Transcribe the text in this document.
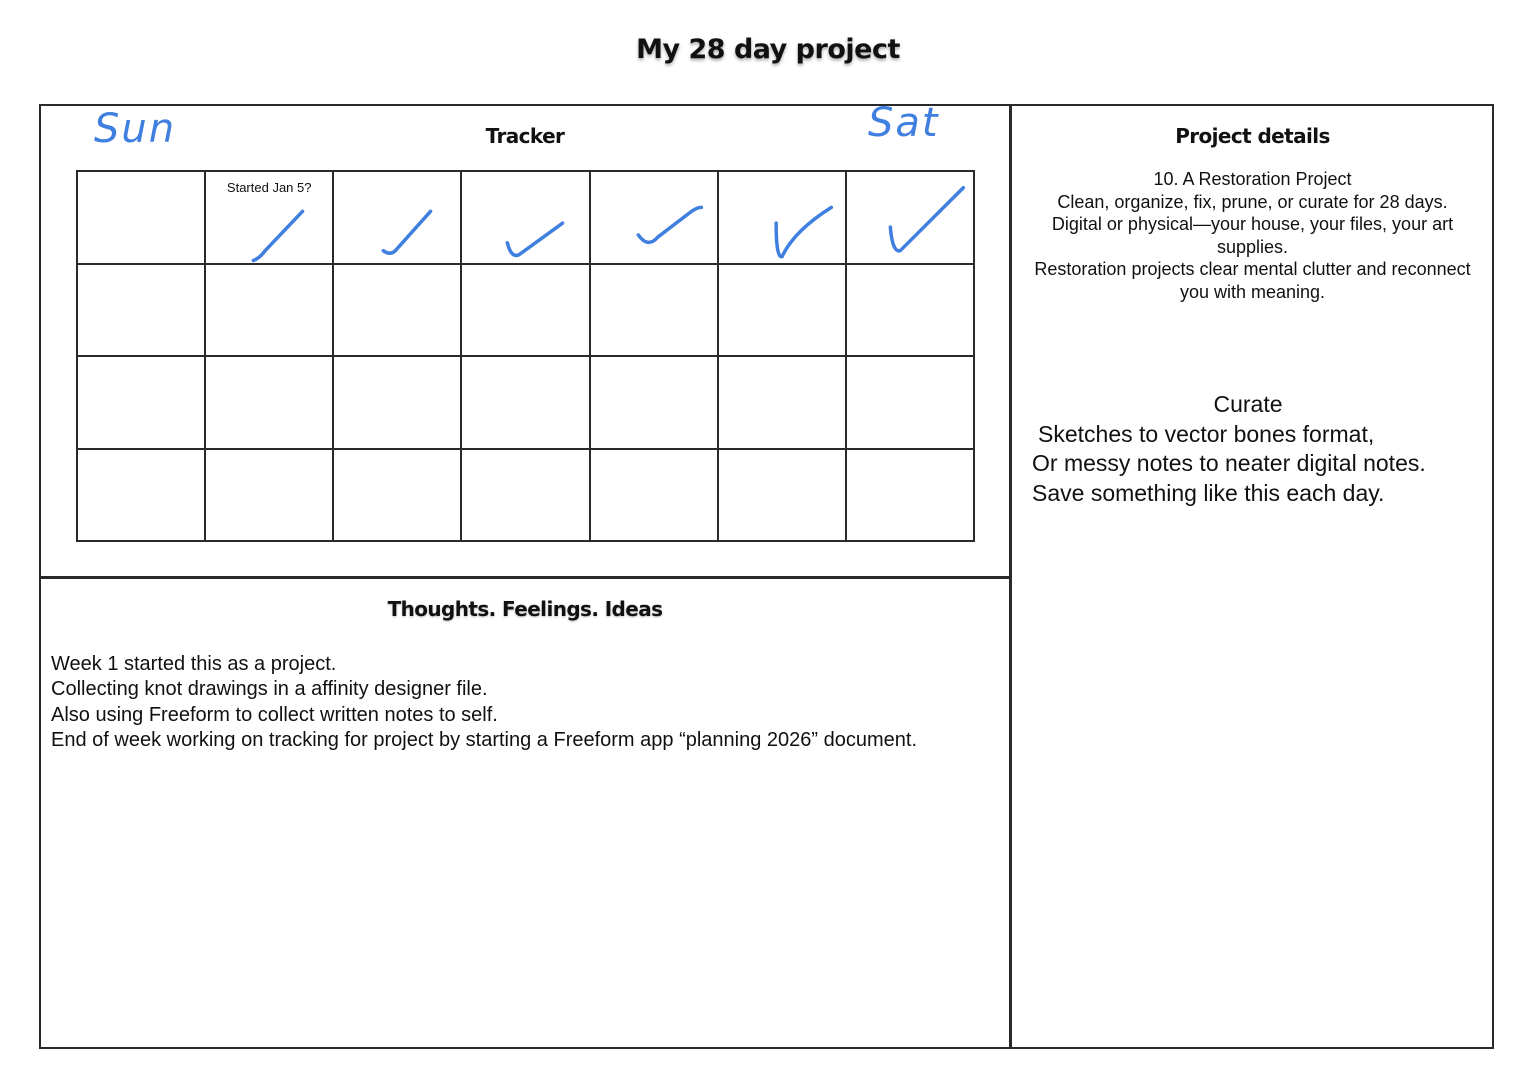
My 28 day project
Tracker
Sun	Sat

	Started Jan 5?

Project details
10. A Restoration Project
Clean, organize, fix, prune, or curate for 28 days.
Digital or physical—your house, your files, your art supplies.
Restoration projects clear mental clutter and reconnect you with meaning.
Curate
Sketches to vector bones format,
Or messy notes to neater digital notes.
Save something like this each day.
Thoughts. Feelings. Ideas
Week 1 started this as a project.
Collecting knot drawings in a affinity designer file.
Also using Freeform to collect written notes to self.
End of week working on tracking for project by starting a Freeform app “planning 2026” document.
